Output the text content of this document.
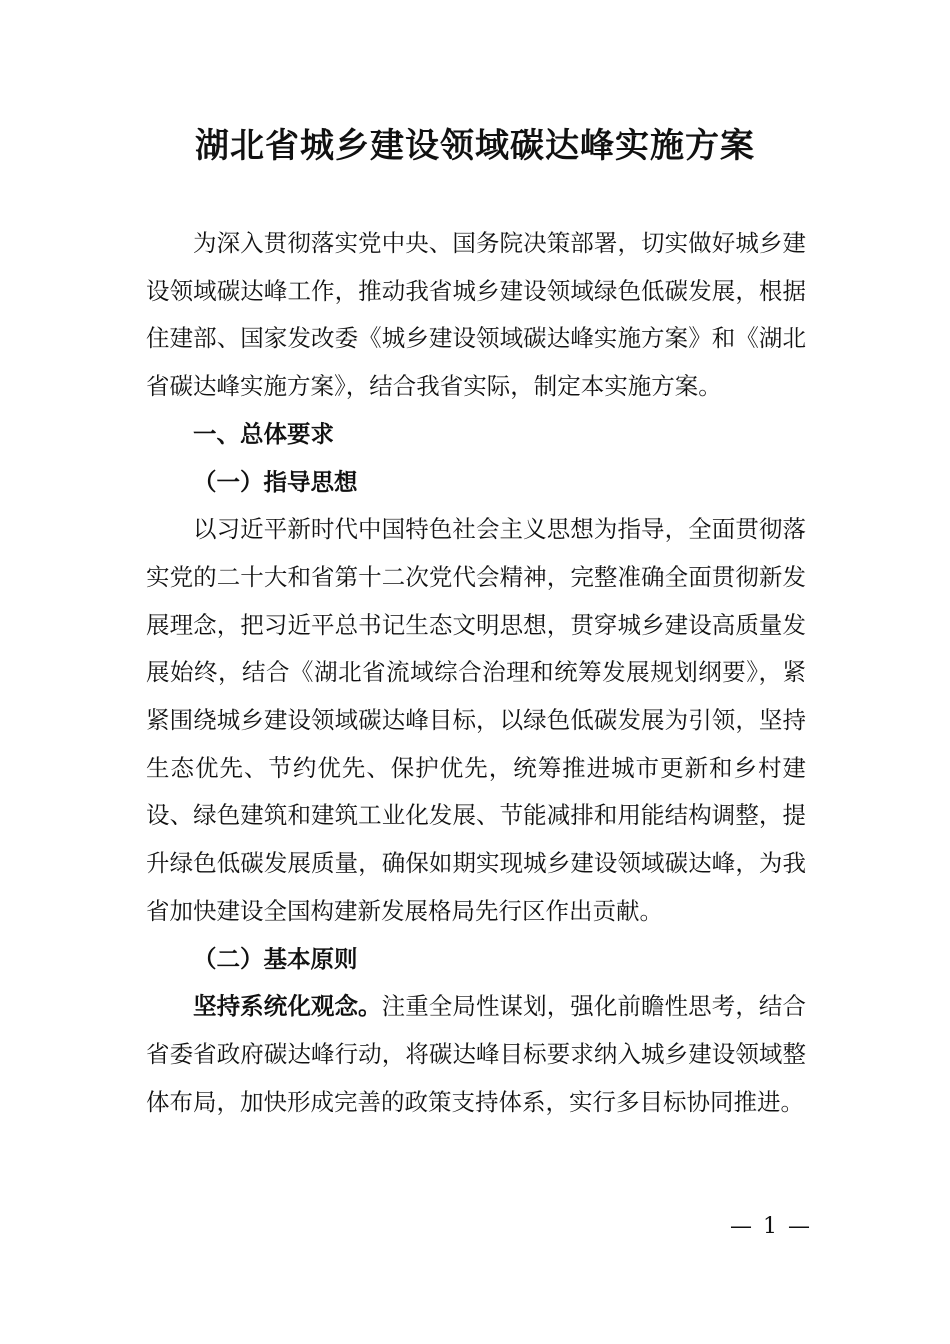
湖北省城乡建设领域碳达峰实施方案

为深入贯彻落实党中央、国务院决策部署，切实做好城乡建设领域碳达峰工作，推动我省城乡建设领域绿色低碳发展，根据住建部、国家发改委《城乡建设领域碳达峰实施方案》和《湖北省碳达峰实施方案》，结合我省实际，制定本实施方案。

一、总体要求

（一）指导思想

以习近平新时代中国特色社会主义思想为指导，全面贯彻落实党的二十大和省第十二次党代会精神，完整准确全面贯彻新发展理念，把习近平总书记生态文明思想，贯穿城乡建设高质量发展始终，结合《湖北省流域综合治理和统筹发展规划纲要》，紧紧围绕城乡建设领域碳达峰目标，以绿色低碳发展为引领，坚持生态优先、节约优先、保护优先，统筹推进城市更新和乡村建设、绿色建筑和建筑工业化发展、节能减排和用能结构调整，提升绿色低碳发展质量，确保如期实现城乡建设领域碳达峰，为我省加快建设全国构建新发展格局先行区作出贡献。

（二）基本原则

坚持系统化观念。注重全局性谋划，强化前瞻性思考，结合省委省政府碳达峰行动，将碳达峰目标要求纳入城乡建设领域整体布局，加快形成完善的政策支持体系，实行多目标协同推进。

— 1 —
